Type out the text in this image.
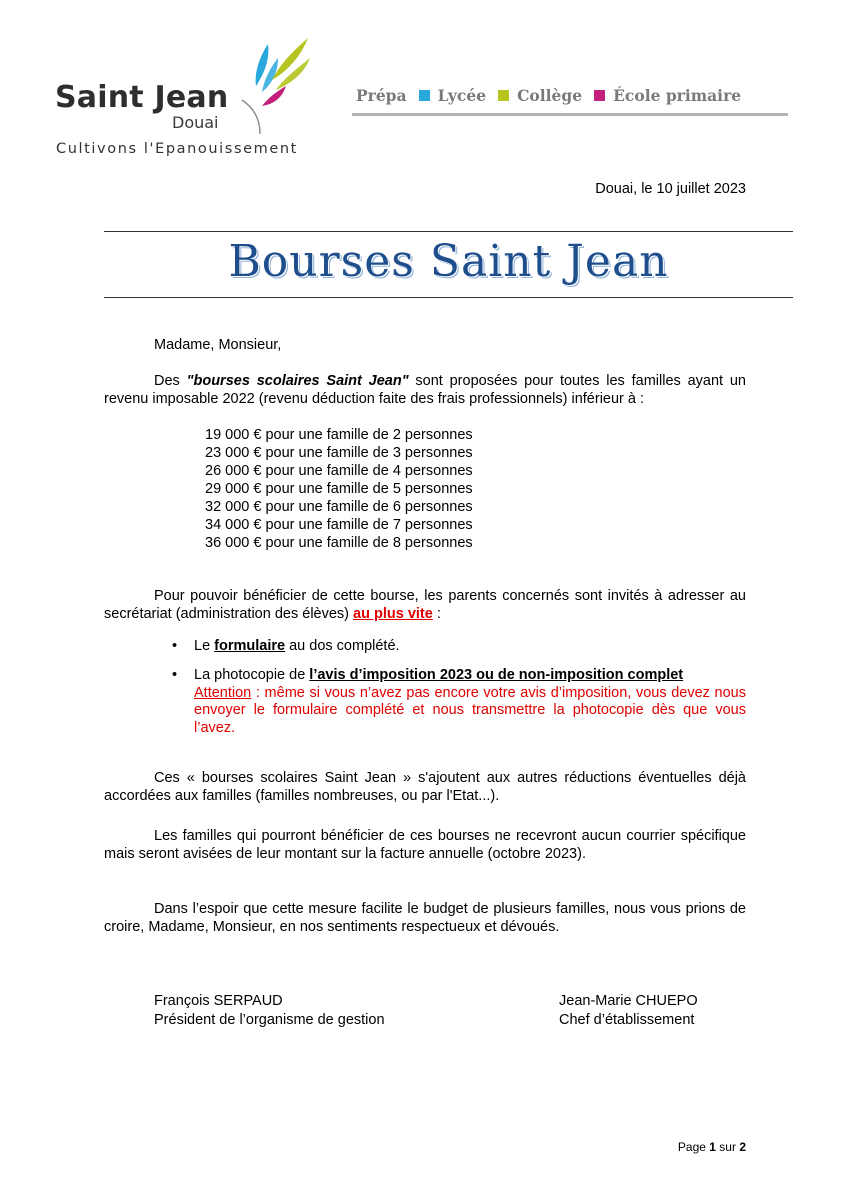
Saint Jean
Douai
Cultivons l'Epanouissement
Prépa Lycée Collège École primaire
Douai, le 10 juillet 2023
Bourses Saint Jean
Madame, Monsieur,
Des "bourses scolaires Saint Jean" sont proposées pour toutes les familles ayant un revenu imposable 2022 (revenu déduction faite des frais professionnels) inférieur à :
19 000 € pour une famille de 2 personnes
23 000 € pour une famille de 3 personnes
26 000 € pour une famille de 4 personnes
29 000 € pour une famille de 5 personnes
32 000 € pour une famille de 6 personnes
34 000 € pour une famille de 7 personnes
36 000 € pour une famille de 8 personnes
Pour pouvoir bénéficier de cette bourse, les parents concernés sont invités à adresser au secrétariat (administration des élèves) au plus vite :
• Le formulaire au dos complété.
• La photocopie de l’avis d’imposition 2023 ou de non-imposition complet
Attention : même si vous n’avez pas encore votre avis d’imposition, vous devez nous envoyer le formulaire complété et nous transmettre la photocopie dès que vous l’avez.
Ces « bourses scolaires Saint Jean » s'ajoutent aux autres réductions éventuelles déjà accordées aux familles (familles nombreuses, ou par l'Etat...).
Les familles qui pourront bénéficier de ces bourses ne recevront aucun courrier spécifique mais seront avisées de leur montant sur la facture annuelle (octobre 2023).
Dans l’espoir que cette mesure facilite le budget de plusieurs familles, nous vous prions de croire, Madame, Monsieur, en nos sentiments respectueux et dévoués.
François SERPAUD
Président de l’organisme de gestion
Jean-Marie CHUEPO
Chef d’établissement
Page 1 sur 2
